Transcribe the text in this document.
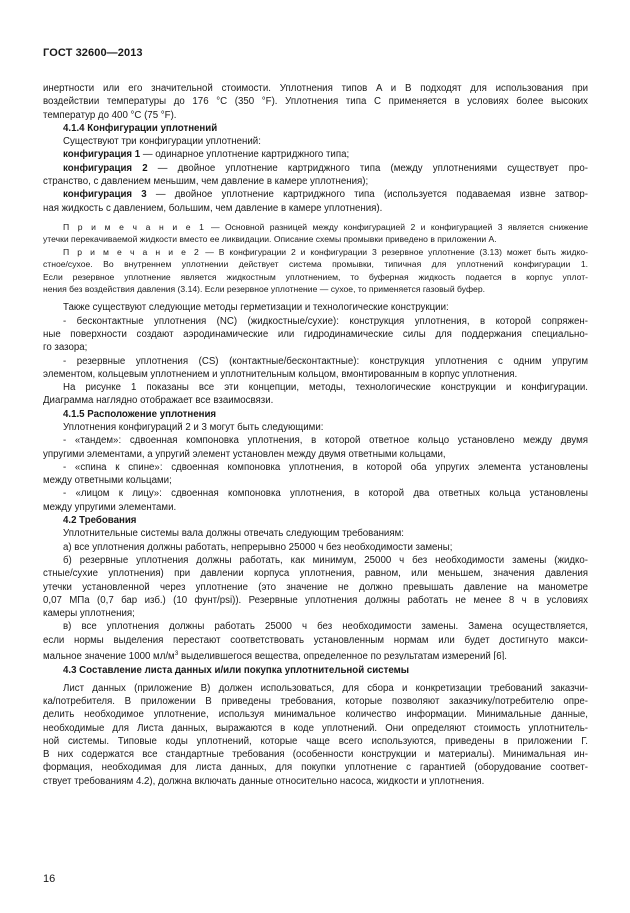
ГОСТ 32600—2013
инертности или его значительной стоимости. Уплотнения типов A и B подходят для использования при
воздействии температуры до 176 °C (350 °F). Уплотнения типа C применяется в условиях более высоких
температур до 400 °C (75 °F).
4.1.4 Конфигурации уплотнений
Существуют три конфигурации уплотнений:
конфигурация 1 — одинарное уплотнение картриджного типа;
конфигурация 2 — двойное уплотнение картриджного типа (между уплотнениями существует про-
странство, с давлением меньшим, чем давление в камере уплотнения);
конфигурация 3 — двойное уплотнение картриджного типа (используется подаваемая извне затвор-
ная жидкость с давлением, большим, чем давление в камере уплотнения).
П р и м е ч а н и е 1 — Основной разницей между конфигурацией 2 и конфигурацией 3 является снижение
утечки перекачиваемой жидкости вместо ее ликвидации. Описание схемы промывки приведено в приложении A.
П р и м е ч а н и е 2 — В конфигурации 2 и конфигурации 3 резервное уплотнение (3.13) может быть жидко-
стное/сухое. Во внутреннем уплотнении действует система промывки, типичная для уплотнений конфигурации 1.
Если резервное уплотнение является жидкостным уплотнением, то буферная жидкость подается в корпус уплот-
нения без воздействия давления (3.14). Если резервное уплотнение — сухое, то применяется газовый буфер.
Также существуют следующие методы герметизации и технологические конструкции:
- бесконтактные уплотнения (NC) (жидкостные/сухие): конструкция уплотнения, в которой сопряжен-
ные поверхности создают аэродинамические или гидродинамические силы для поддержания специально-
го зазора;
- резервные уплотнения (CS) (контактные/бесконтактные): конструкция уплотнения с одним упругим
элементом, кольцевым уплотнением и уплотнительным кольцом, вмонтированным в корпус уплотнения.
На рисунке 1 показаны все эти концепции, методы, технологические конструкции и конфигурации.
Диаграмма наглядно отображает все взаимосвязи.
4.1.5 Расположение уплотнения
Уплотнения конфигураций 2 и 3 могут быть следующими:
- «тандем»: сдвоенная компоновка уплотнения, в которой ответное кольцо установлено между двумя
упругими элементами, а упругий элемент установлен между двумя ответными кольцами,
- «спина к спине»: сдвоенная компоновка уплотнения, в которой оба упругих элемента установлены
между ответными кольцами;
- «лицом к лицу»: сдвоенная компоновка уплотнения, в которой два ответных кольца установлены
между упругими элементами.
4.2 Требования
Уплотнительные системы вала должны отвечать следующим требованиям:
а) все уплотнения должны работать, непрерывно 25000 ч без необходимости замены;
б) резервные уплотнения должны работать, как минимум, 25000 ч без необходимости замены (жидко-
стные/сухие уплотнения) при давлении корпуса уплотнения, равном, или меньшем, значения давления
утечки установленной через уплотнение (это значение не должно превышать давление на манометре
0,07 МПа (0,7 бар изб.) (10 фунт/psi)). Резервные уплотнения должны работать не менее 8 ч в условиях
камеры уплотнения;
в) все уплотнения должны работать 25000 ч без необходимости замены. Замена осуществляется,
если нормы выделения перестают соответствовать установленным нормам или будет достигнуто макси-
мальное значение 1000 $мл/м^3$ выделившегося вещества, определенное по результатам измерений [6].
4.3 Составление листа данных и/или покупка уплотнительной системы
Лист данных (приложение B) должен использоваться, для сбора и конкретизации требований заказчи-
ка/потребителя. В приложении B приведены требования, которые позволяют заказчику/потребителю опре-
делить необходимое уплотнение, используя минимальное количество информации. Минимальные данные,
необходимые для Листа данных, выражаются в коде уплотнений. Они определяют стоимость уплотнитель-
ной системы. Типовые коды уплотнений, которые чаще всего используются, приведены в приложении Г.
В них содержатся все стандартные требования (особенности конструкции и материалы). Минимальная ин-
формация, необходимая для листа данных, для покупки уплотнение с гарантией (оборудование соответ-
ствует требованиям 4.2), должна включать данные относительно насоса, жидкости и уплотнения.
16
